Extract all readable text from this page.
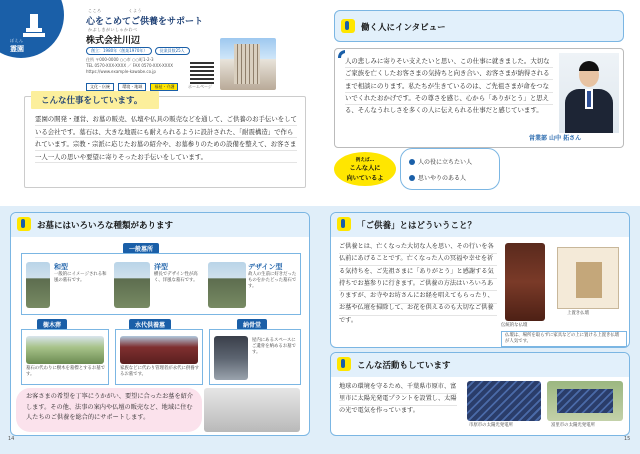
ぼえん
霊園
こころ　　　　　　くよう
心をこめてご供養をサポート
かぶしきがいしゃかわべ
株式会社川辺
創立：1980年（創業1970年）	従業員数25人
住所 〒000-0000 ○○市 ○○町1-2-3
TEL 0570-XXX-XXXX ／ FAX 0570-XXX-XXXX
https://www.example-kawabe.co.jp
文化・伝統	環境・地域	福祉・介護	ホームページ
こんな仕事をしています。
霊園の開発・運営、お墓の販売、仏壇や仏具の販売などを通して、ご供養のお手伝いをしている会社です。墓石は、大きな地震にも耐えられるように設計された、「耐震構造」で作られています。宗教・宗派に応じたお墓の紹介や、お墓参りのための設備を整えて、お客さま一人一人の思いや要望に寄りそったお手伝いをしています。
お墓にはいろいろな種類があります
一般墓所
和型
一般的にイメージされる和風の墓石です。
洋型
横長でデザイン性が高く、洋風な墓石です。
デザイン型
故人の生前に好きだったものをかたどった墓石です。
樹木葬
墓石の代わりに樹木を墓標とするお墓です。
水代供養墓
家族などに代わり管理者が永代に供養するお墓です。
納骨堂
屋内にあるスペースにご遺骨を納めるお墓です。
お客さまの希望を丁寧にうかがい、要望に合ったお墓を紹介します。その他、法事の案内や仏壇の販売など、地域に住む人たちのご供養を総合的にサポートします。
14
働く人にインタビュー
人の悲しみに寄りそい支えたいと思い、この仕事に就きました。大切なご家族を亡くしたお客さまの気持ちと向き合い、お客さまが納得されるまで相談にのります。私たちが生きているのは、ご先祖さまが命をつないでくれたおかげです。その尊さを感じ、心から「ありがとう」と思える、そんなうれしさを多くの人に伝えられる仕事だと感じています。
営業部 山中 拓さん
例えば…
こんな人に
向いているよ
人の役に立ちたい人
思いやりのある人
「ご供養」とはどういうこと？
ご供養とは、亡くなった大切な人を思い、その行いを各仏前にあげることです。亡くなった人の冥福や幸せを祈る気持ちを、ご先祖さまに「ありがとう」と感謝する気持ちでお墓参りに行きます。ご供養の方法はいろいろありますが、お寺やお坊さんにお経を唱えてもらったり、お墓や仏壇を掃除して、お花を供えるのも大切なご供養です。
伝統的な仏壇
上置き仏壇
仏壇は、場所を取らずに家具などの上に置ける上置き仏壇が人気です。
こんな活動もしています
地球の環境を守るため、千葉県市原市、富里市に太陽光発電プラントを設置し、太陽の光で電気を作っています。
市原市の太陽光発電所	富里市の太陽光発電所
15
